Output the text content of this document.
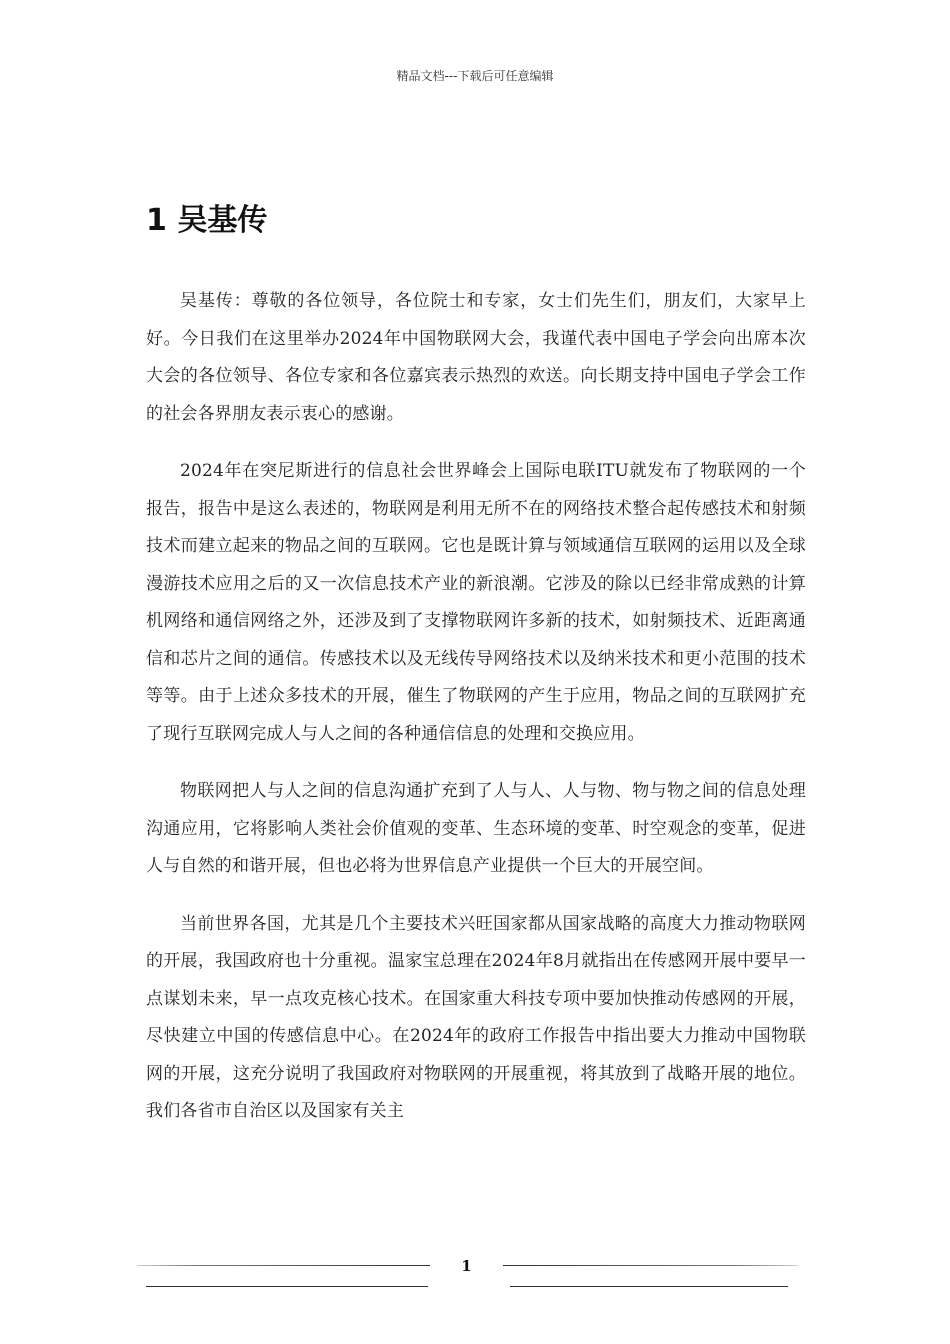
精品文档---下载后可任意编辑
1 吴基传

吴基传：尊敬的各位领导，各位院士和专家，女士们先生们，朋友们，大家早上好。今日我们在这里举办2024年中国物联网大会，我谨代表中国电子学会向出席本次大会的各位领导、各位专家和各位嘉宾表示热烈的欢送。向长期支持中国电子学会工作的社会各界朋友表示衷心的感谢。

2024年在突尼斯进行的信息社会世界峰会上国际电联ITU就发布了物联网的一个报告，报告中是这么表述的，物联网是利用无所不在的网络技术整合起传感技术和射频技术而建立起来的物品之间的互联网。它也是既计算与领域通信互联网的运用以及全球漫游技术应用之后的又一次信息技术产业的新浪潮。它涉及的除以已经非常成熟的计算机网络和通信网络之外，还涉及到了支撑物联网许多新的技术，如射频技术、近距离通信和芯片之间的通信。传感技术以及无线传导网络技术以及纳米技术和更小范围的技术等等。由于上述众多技术的开展，催生了物联网的产生于应用，物品之间的互联网扩充了现行互联网完成人与人之间的各种通信信息的处理和交换应用。

物联网把人与人之间的信息沟通扩充到了人与人、人与物、物与物之间的信息处理沟通应用，它将影响人类社会价值观的变革、生态环境的变革、时空观念的变革，促进人与自然的和谐开展，但也必将为世界信息产业提供一个巨大的开展空间。

当前世界各国，尤其是几个主要技术兴旺国家都从国家战略的高度大力推动物联网的开展，我国政府也十分重视。温家宝总理在2024年8月就指出在传感网开展中要早一点谋划未来，早一点攻克核心技术。在国家重大科技专项中要加快推动传感网的开展，尽快建立中国的传感信息中心。在2024年的政府工作报告中指出要大力推动中国物联网的开展，这充分说明了我国政府对物联网的开展重视，将其放到了战略开展的地位。我们各省市自治区以及国家有关主

1
